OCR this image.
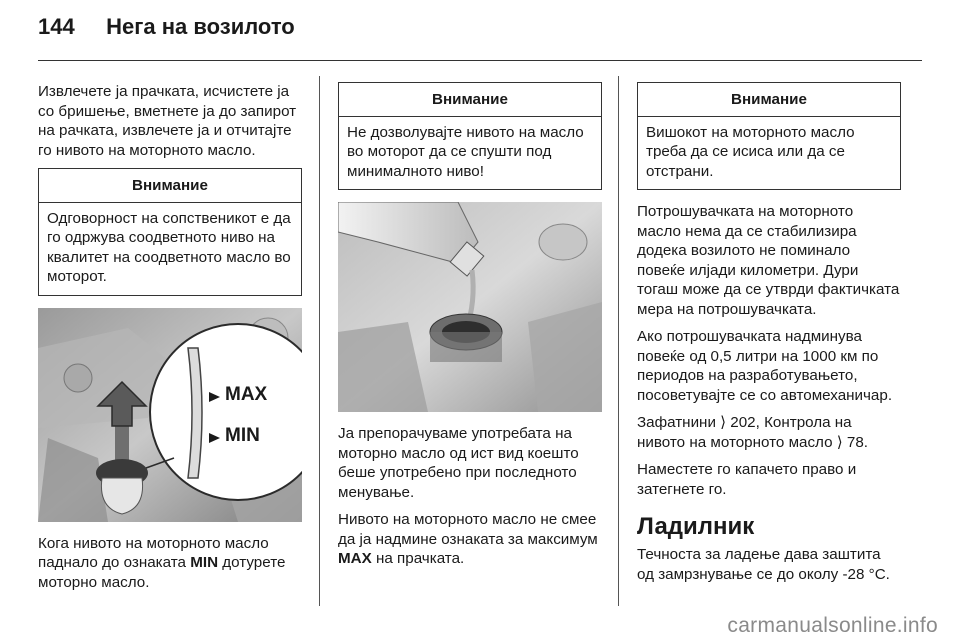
144 Нега на возилото

Извлечете ја прачката, исчистете ја со бришење, вметнете ја до запирот на рачката, извлечете ја и отчитајте го нивото на моторното масло.

Внимание
Одговорност на сопственикот е да го одржува соодветното ниво на квалитет на соодветното масло во моторот.
MAX
MIN

Кога нивото на моторното масло паднало до ознаката MIN дотурете моторно масло.

Внимание
Не дозволувајте нивото на масло во моторот да се спушти под минималното ниво!

Ја препорачуваме употребата на моторно масло од ист вид коешто беше употребено при последното менување.

Нивото на моторното масло не смее да ја надмине ознаката за максимум MAX на прачката.

Внимание
Вишокот на моторното масло треба да се исиса или да се отстрани.

Потрошувачката на моторното масло нема да се стабилизира додека возилото не поминало повеќе илјади километри. Дури тогаш може да се утврди фактичката мера на потрошувачката.

Ако потрошувачката надминува повеќе од 0,5 литри на 1000 км по периодов на разработувањето, посоветувајте се со автомеханичар.

Зафатнини ⟩ 202, Контрола на нивото на моторното масло ⟩ 78.

Наместете го капачето право и затегнете го.

Ладилник

Течноста за ладење дава заштита од замрзнување се до околу -28 °C.

carmanualsonline.info
